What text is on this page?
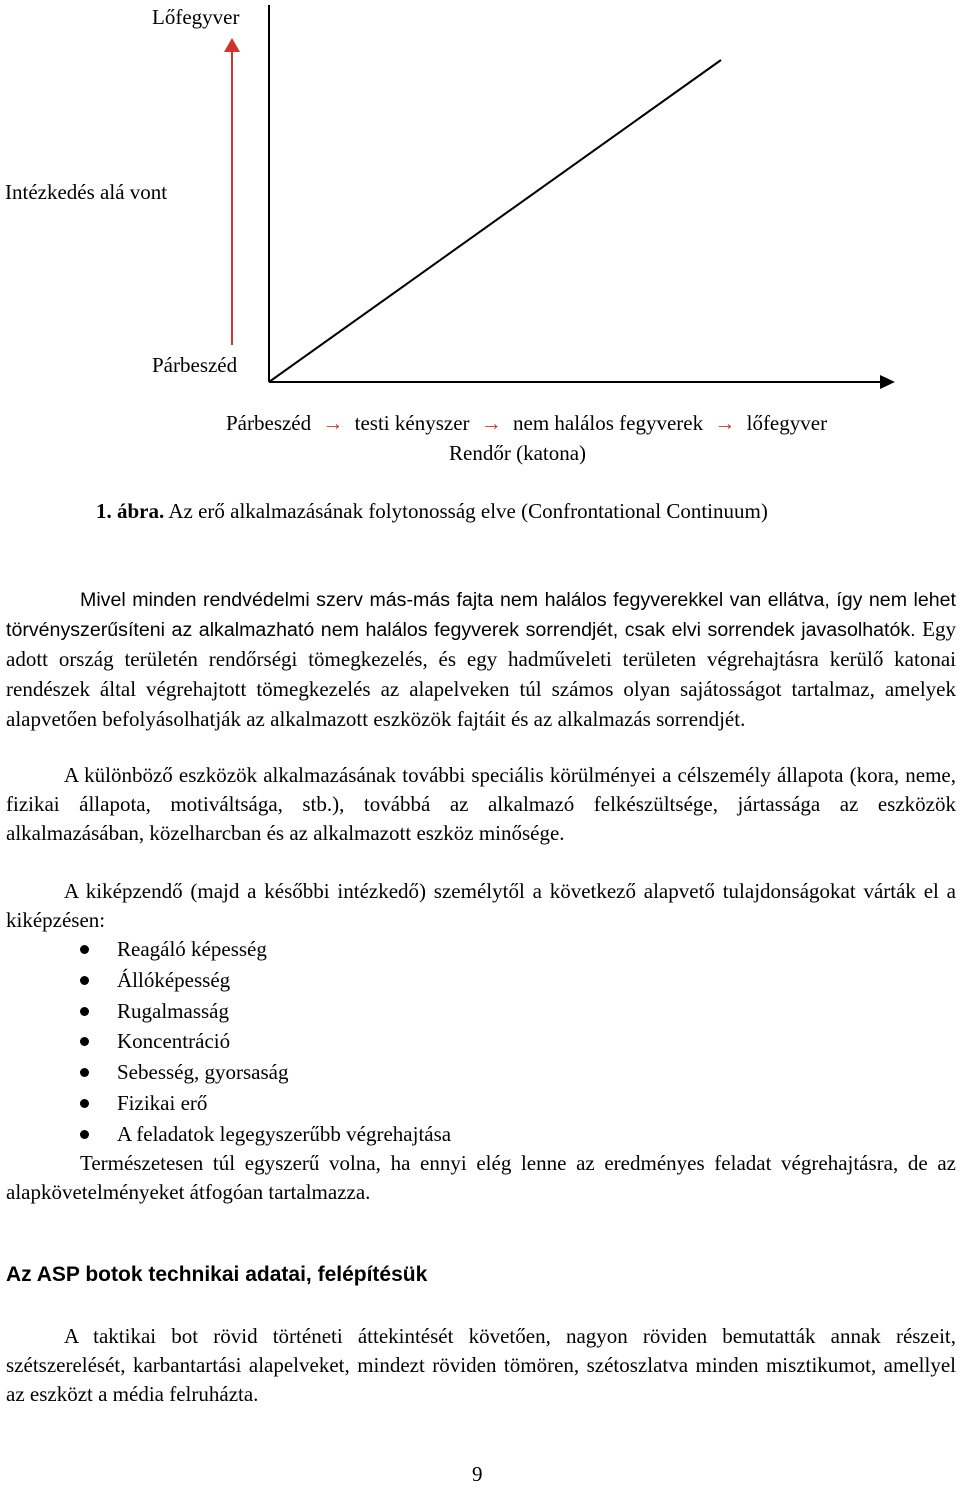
Lőfegyver
Intézkedés alá vont
Párbeszéd
Párbeszéd → testi kényszer → nem halálos fegyverek → lőfegyver
Rendőr (katona)
1. ábra. Az erő alkalmazásának folytonosság elve (Confrontational Continuum)
Mivel minden rendvédelmi szerv más-más fajta nem halálos fegyverekkel van ellátva, így nem lehet törvényszerűsíteni az alkalmazható nem halálos fegyverek sorrendjét, csak elvi sorrendek javasolhatók. Egy adott ország területén rendőrségi tömegkezelés, és egy hadműveleti területen végrehajtásra kerülő katonai rendészek által végrehajtott tömegkezelés az alapelveken túl számos olyan sajátosságot tartalmaz, amelyek alapvetően befolyásolhatják az alkalmazott eszközök fajtáit és az alkalmazás sorrendjét.
A különböző eszközök alkalmazásának további speciális körülményei a célszemély állapota (kora, neme, fizikai állapota, motiváltsága, stb.), továbbá az alkalmazó felkészültsége, jártassága az eszközök alkalmazásában, közelharcban és az alkalmazott eszköz minősége.
A kiképzendő (majd a későbbi intézkedő) személytől a következő alapvető tulajdonságokat várták el a kiképzésen:
Reagáló képesség
Állóképesség
Rugalmasság
Koncentráció
Sebesség, gyorsaság
Fizikai erő
A feladatok legegyszerűbb végrehajtása
Természetesen túl egyszerű volna, ha ennyi elég lenne az eredményes feladat végrehajtásra, de az alapkövetelményeket átfogóan tartalmazza.
Az ASP botok technikai adatai, felépítésük
A taktikai bot rövid történeti áttekintését követően, nagyon röviden bemutatták annak részeit, szétszerelését, karbantartási alapelveket, mindezt röviden tömören, szétoszlatva minden misztikumot, amellyel az eszközt a média felruházta.
9
